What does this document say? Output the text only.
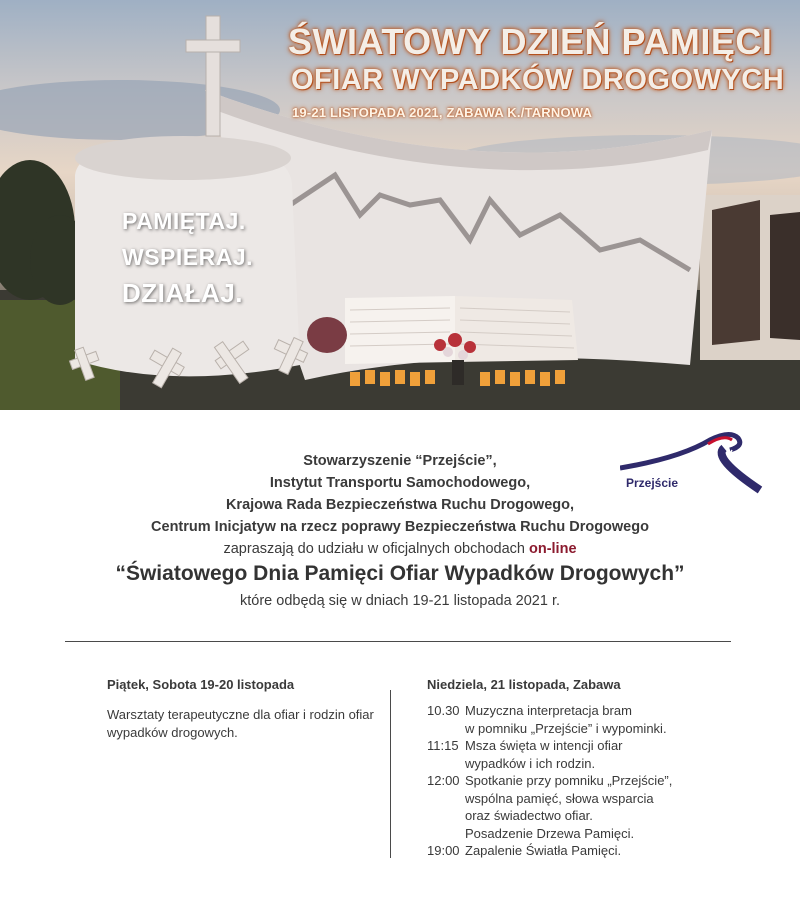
ŚWIATOWY DZIEŃ PAMIĘCI
OFIAR WYPADKÓW DROGOWYCH
19-21 LISTOPADA 2021, ZABAWA K./TARNOWA
PAMIĘTAJ.
WSPIERAJ.
DZIAŁAJ.
Przejście
Stowarzyszenie “Przejście”,
Instytut Transportu Samochodowego,
Krajowa Rada Bezpieczeństwa Ruchu Drogowego,
Centrum Inicjatyw na rzecz poprawy Bezpieczeństwa Ruchu Drogowego
zapraszają do udziału w oficjalnych obchodach on-line
“Światowego Dnia Pamięci Ofiar Wypadków Drogowych”
które odbędą się w dniach 19-21 listopada 2021 r.
Piątek, Sobota 19-20 listopada
Warsztaty terapeutyczne dla ofiar i rodzin ofiar wypadków drogowych.
Niedziela, 21 listopada, Zabawa
10.30 Muzyczna interpretacja bram
w pomniku „Przejście” i wypominki.
11:15 Msza święta w intencji ofiar
wypadków i ich rodzin.
12:00 Spotkanie przy pomniku „Przejście”,
wspólna pamięć, słowa wsparcia
oraz świadectwo ofiar.
Posadzenie Drzewa Pamięci.
19:00 Zapalenie Światła Pamięci.
